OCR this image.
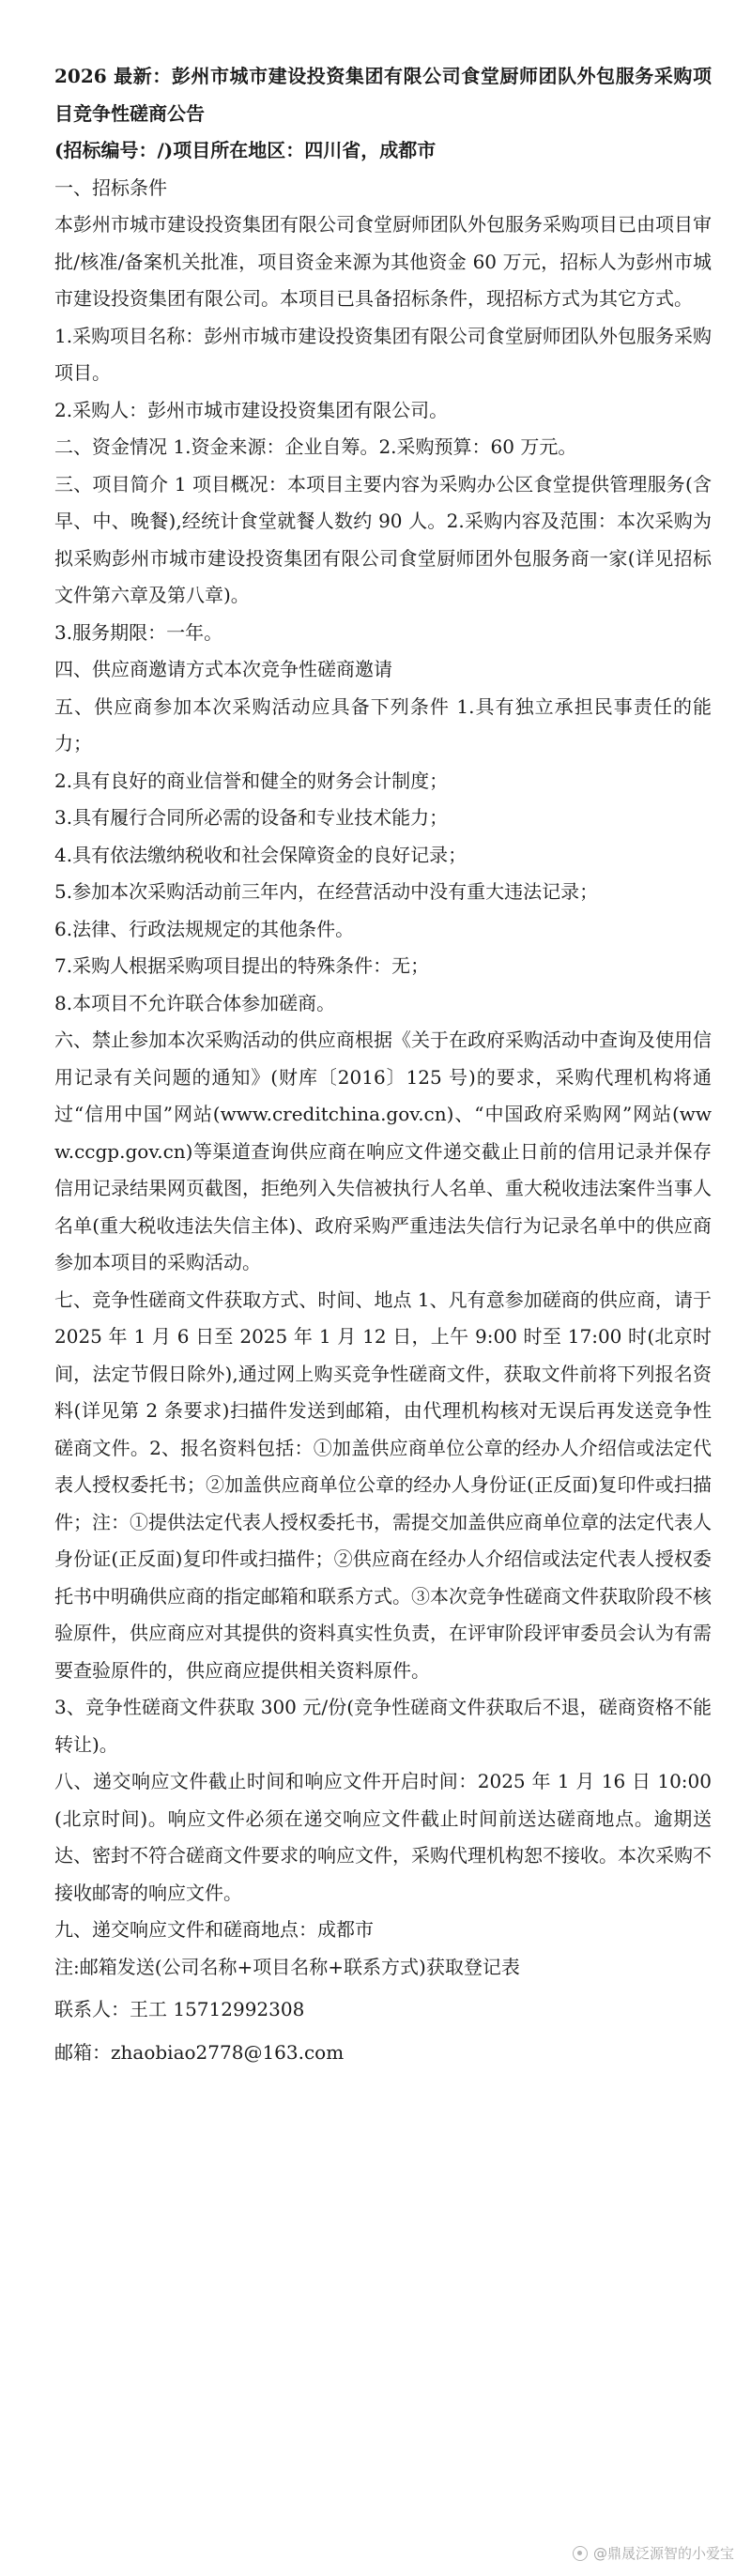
2026 最新：彭州市城市建设投资集团有限公司食堂厨师团队外包服务采购项目竞争性磋商公告

(招标编号：/)项目所在地区：四川省，成都市

一、招标条件

本彭州市城市建设投资集团有限公司食堂厨师团队外包服务采购项目已由项目审批/核准/备案机关批准，项目资金来源为其他资金 60 万元，招标人为彭州市城市建设投资集团有限公司。本项目已具备招标条件，现招标方式为其它方式。

1.采购项目名称：彭州市城市建设投资集团有限公司食堂厨师团队外包服务采购项目。

2.采购人：彭州市城市建设投资集团有限公司。

二、资金情况 1.资金来源：企业自筹。2.采购预算：60 万元。

三、项目简介 1 项目概况：本项目主要内容为采购办公区食堂提供管理服务(含早、中、晚餐),经统计食堂就餐人数约 90 人。2.采购内容及范围：本次采购为拟采购彭州市城市建设投资集团有限公司食堂厨师团外包服务商一家(详见招标文件第六章及第八章)。

3.服务期限：一年。

四、供应商邀请方式本次竞争性磋商邀请

五、供应商参加本次采购活动应具备下列条件 1.具有独立承担民事责任的能力；

2.具有良好的商业信誉和健全的财务会计制度；

3.具有履行合同所必需的设备和专业技术能力；

4.具有依法缴纳税收和社会保障资金的良好记录；

5.参加本次采购活动前三年内，在经营活动中没有重大违法记录；

6.法律、行政法规规定的其他条件。

7.采购人根据采购项目提出的特殊条件：无；

8.本项目不允许联合体参加磋商。

六、禁止参加本次采购活动的供应商根据《关于在政府采购活动中查询及使用信用记录有关问题的通知》(财库〔2016〕125 号)的要求，采购代理机构将通过“信用中国”网站(www.creditchina.gov.cn)、“中国政府采购网”网站(www.ccgp.gov.cn)等渠道查询供应商在响应文件递交截止日前的信用记录并保存信用记录结果网页截图，拒绝列入失信被执行人名单、重大税收违法案件当事人名单(重大税收违法失信主体)、政府采购严重违法失信行为记录名单中的供应商参加本项目的采购活动。

七、竞争性磋商文件获取方式、时间、地点 1、凡有意参加磋商的供应商，请于 2025 年 1 月 6 日至 2025 年 1 月 12 日，上午 9:00 时至 17:00 时(北京时间，法定节假日除外),通过网上购买竞争性磋商文件，获取文件前将下列报名资料(详见第 2 条要求)扫描件发送到邮箱，由代理机构核对无误后再发送竞争性磋商文件。2、报名资料包括：①加盖供应商单位公章的经办人介绍信或法定代表人授权委托书；②加盖供应商单位公章的经办人身份证(正反面)复印件或扫描件；注：①提供法定代表人授权委托书，需提交加盖供应商单位章的法定代表人身份证(正反面)复印件或扫描件；②供应商在经办人介绍信或法定代表人授权委托书中明确供应商的指定邮箱和联系方式。③本次竞争性磋商文件获取阶段不核验原件，供应商应对其提供的资料真实性负责，在评审阶段评审委员会认为有需要查验原件的，供应商应提供相关资料原件。

3、竞争性磋商文件获取 300 元/份(竞争性磋商文件获取后不退，磋商资格不能转让)。

八、递交响应文件截止时间和响应文件开启时间：2025 年 1 月 16 日 10:00(北京时间)。响应文件必须在递交响应文件截止时间前送达磋商地点。逾期送达、密封不符合磋商文件要求的响应文件，采购代理机构恕不接收。本次采购不接收邮寄的响应文件。

九、递交响应文件和磋商地点：成都市

注:邮箱发送(公司名称+项目名称+联系方式)获取登记表

联系人：王工 15712992308

邮箱：zhaobiao2778@163.com

@鼎晟泛源智的小爱宝
